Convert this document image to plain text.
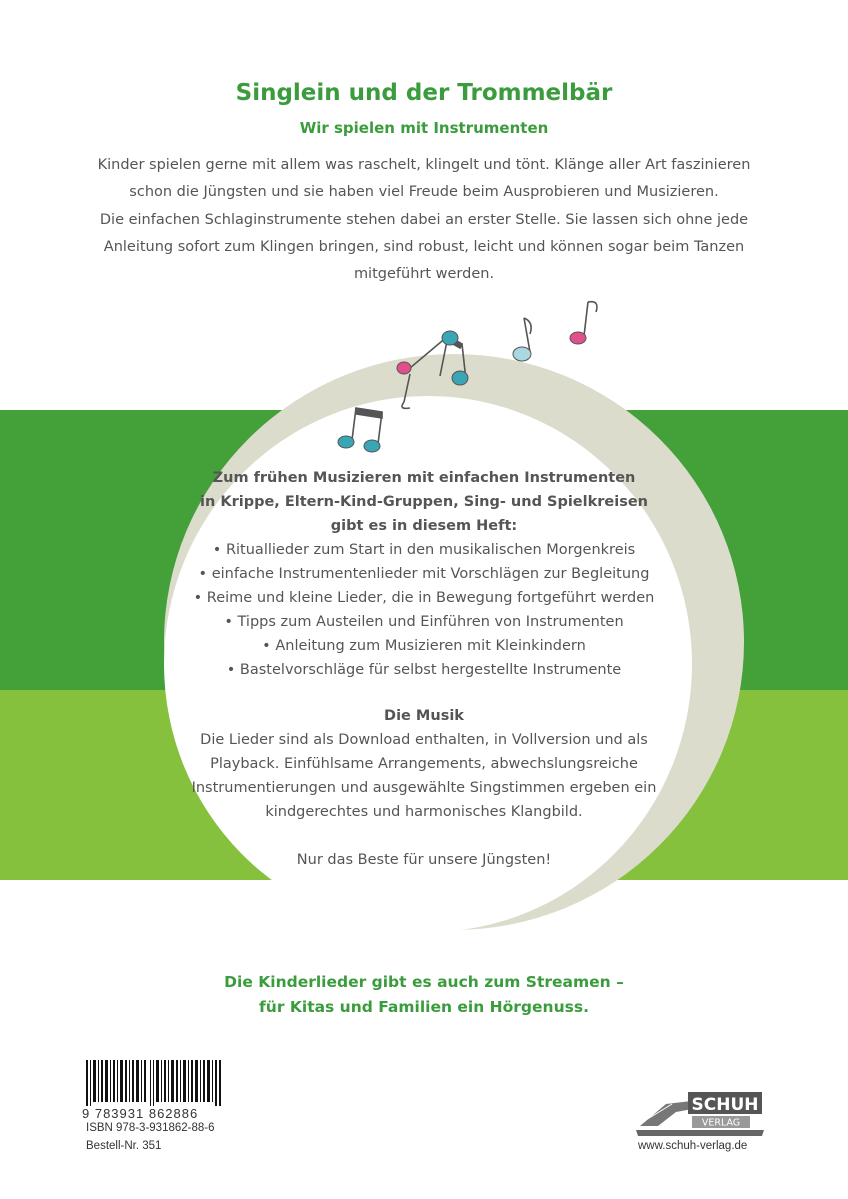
Singlein und der Trommelbär
Wir spielen mit Instrumenten
Kinder spielen gerne mit allem was raschelt, klingelt und tönt. Klänge aller Art faszinieren schon die Jüngsten und sie haben viel Freude beim Ausprobieren und Musizieren.
Die einfachen Schlaginstrumente stehen dabei an erster Stelle. Sie lassen sich ohne jede Anleitung sofort zum Klingen bringen, sind robust, leicht und können sogar beim Tanzen mitgeführt werden.
Zum frühen Musizieren mit einfachen Instrumenten
in Krippe, Eltern-Kind-Gruppen, Sing- und Spielkreisen
gibt es in diesem Heft:
• Rituallieder zum Start in den musikalischen Morgenkreis
• einfache Instrumentenlieder mit Vorschlägen zur Begleitung
• Reime und kleine Lieder, die in Bewegung fortgeführt werden
• Tipps zum Austeilen und Einführen von Instrumenten
• Anleitung zum Musizieren mit Kleinkindern
• Bastelvorschläge für selbst hergestellte Instrumente
Die Musik
Die Lieder sind als Download enthalten, in Vollversion und als Playback. Einfühlsame Arrangements, abwechslungsreiche Instrumentierungen und ausgewählte Singstimmen ergeben ein kindgerechtes und harmonisches Klangbild.
Nur das Beste für unsere Jüngsten!
Die Kinderlieder gibt es auch zum Streamen –
für Kitas und Familien ein Hörgenuss.
9 783931 862886
ISBN 978-3-931862-88-6
Bestell-Nr. 351
SCHUH
VERLAG
www.schuh-verlag.de
